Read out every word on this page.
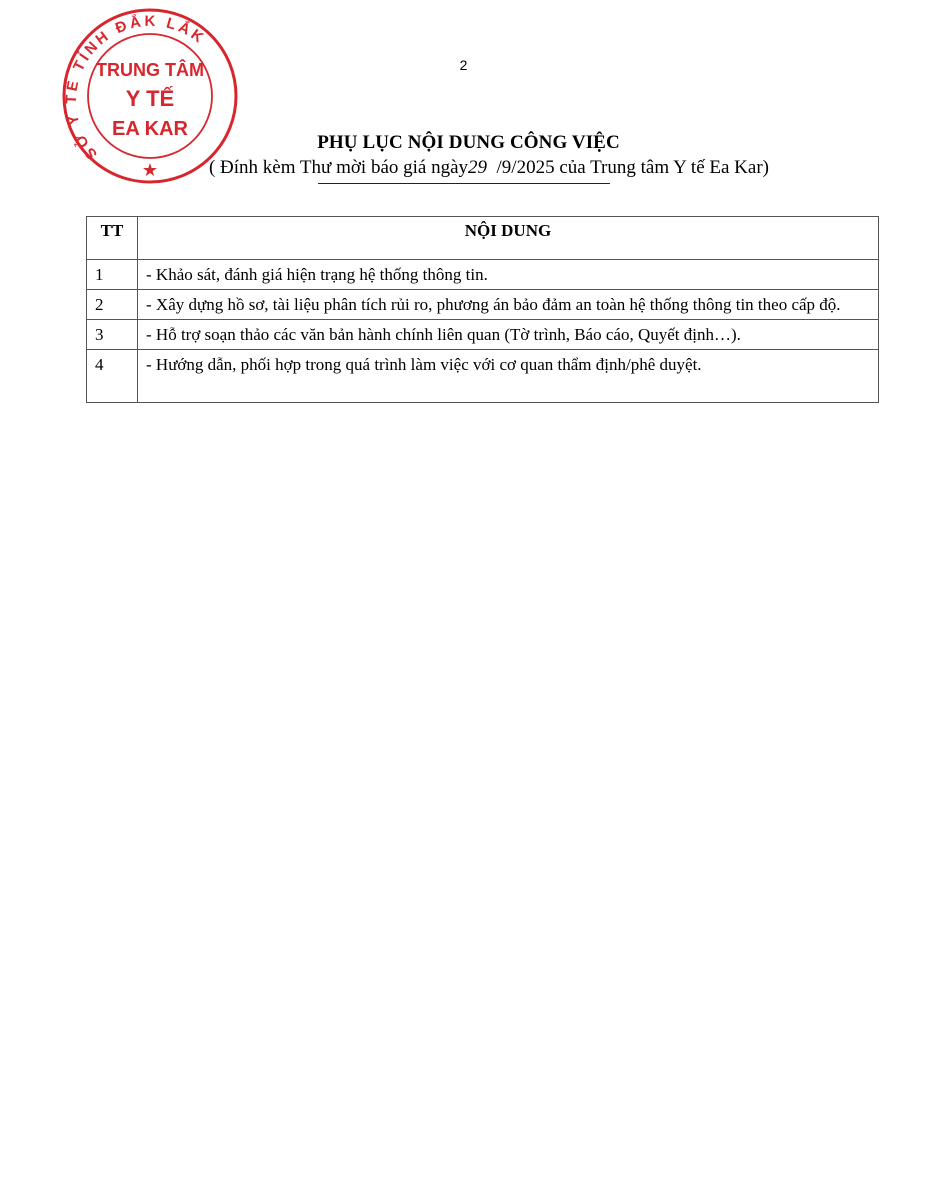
2
SỞ Y TẾ TỈNH ĐẮK LẮK
TRUNG TÂM
Y TẾ
EA KAR
★
PHỤ LỤC NỘI DUNG CÔNG VIỆC
( Đính kèm Thư mời báo giá ngày29  /9/2025 của Trung tâm Y tế Ea Kar)
TT	NỘI DUNG
1	- Khảo sát, đánh giá hiện trạng hệ thống thông tin.
2	- Xây dựng hồ sơ, tài liệu phân tích rủi ro, phương án bảo đảm an toàn hệ thống thông tin theo cấp độ.
3	- Hỗ trợ soạn thảo các văn bản hành chính liên quan (Tờ trình, Báo cáo, Quyết định…).
4	- Hướng dẫn, phối hợp trong quá trình làm việc với cơ quan thẩm định/phê duyệt.
